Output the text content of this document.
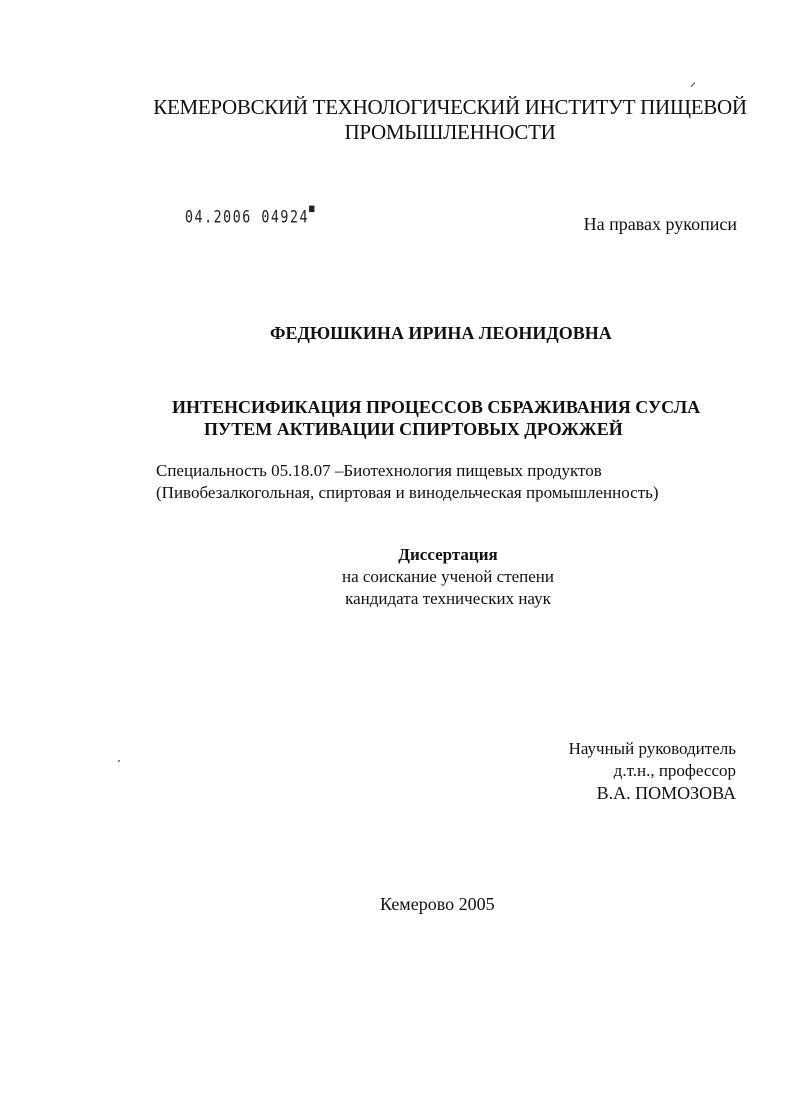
КЕМЕРОВСКИЙ ТЕХНОЛОГИЧЕСКИЙ ИНСТИТУТ ПИЩЕВОЙ
ПРОМЫШЛЕННОСТИ
04.2006 04924▀
На правах рукописи
ФЕДЮШКИНА ИРИНА ЛЕОНИДОВНА
ИНТЕНСИФИКАЦИЯ ПРОЦЕССОВ СБРАЖИВАНИЯ СУСЛА
ПУТЕМ АКТИВАЦИИ СПИРТОВЫХ ДРОЖЖЕЙ
Специальность 05.18.07 –Биотехнология пищевых продуктов
(Пивобезалкогольная, спиртовая и винодельческая промышленность)
Диссертация
на соискание ученой степени
кандидата технических наук
Научный руководитель
д.т.н., профессор
В.А. ПОМОЗОВА
Кемерово 2005
